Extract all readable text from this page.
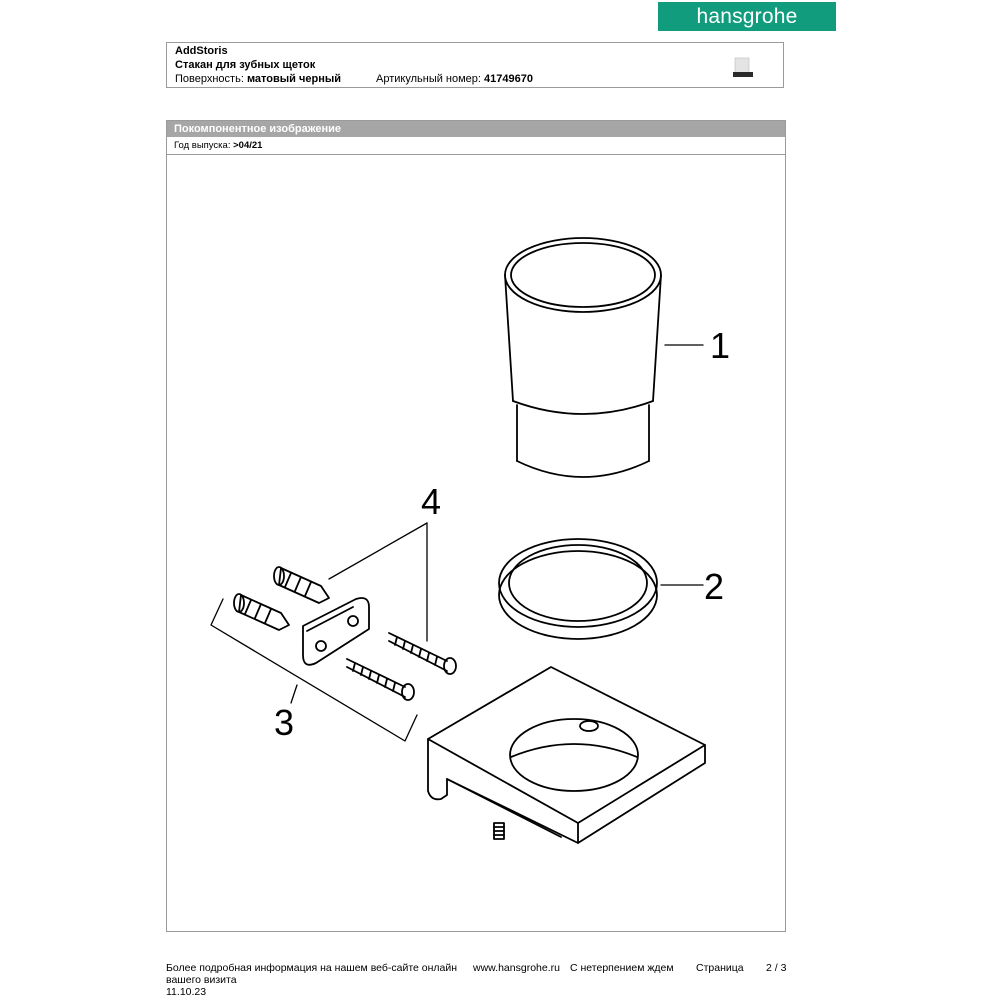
hansgrohe
AddStoris
Стакан для зубных щеток
Поверхность: матовый черный	Артикульный номер: 41749670
Покомпонентное изображение
Год выпуска: >04/21
1
2
3
4
Более подробная информация на нашем веб-сайте онлайн www.hansgrohe.ru С нетерпением ждем Страница 2 / 3
вашего визита
11.10.23
